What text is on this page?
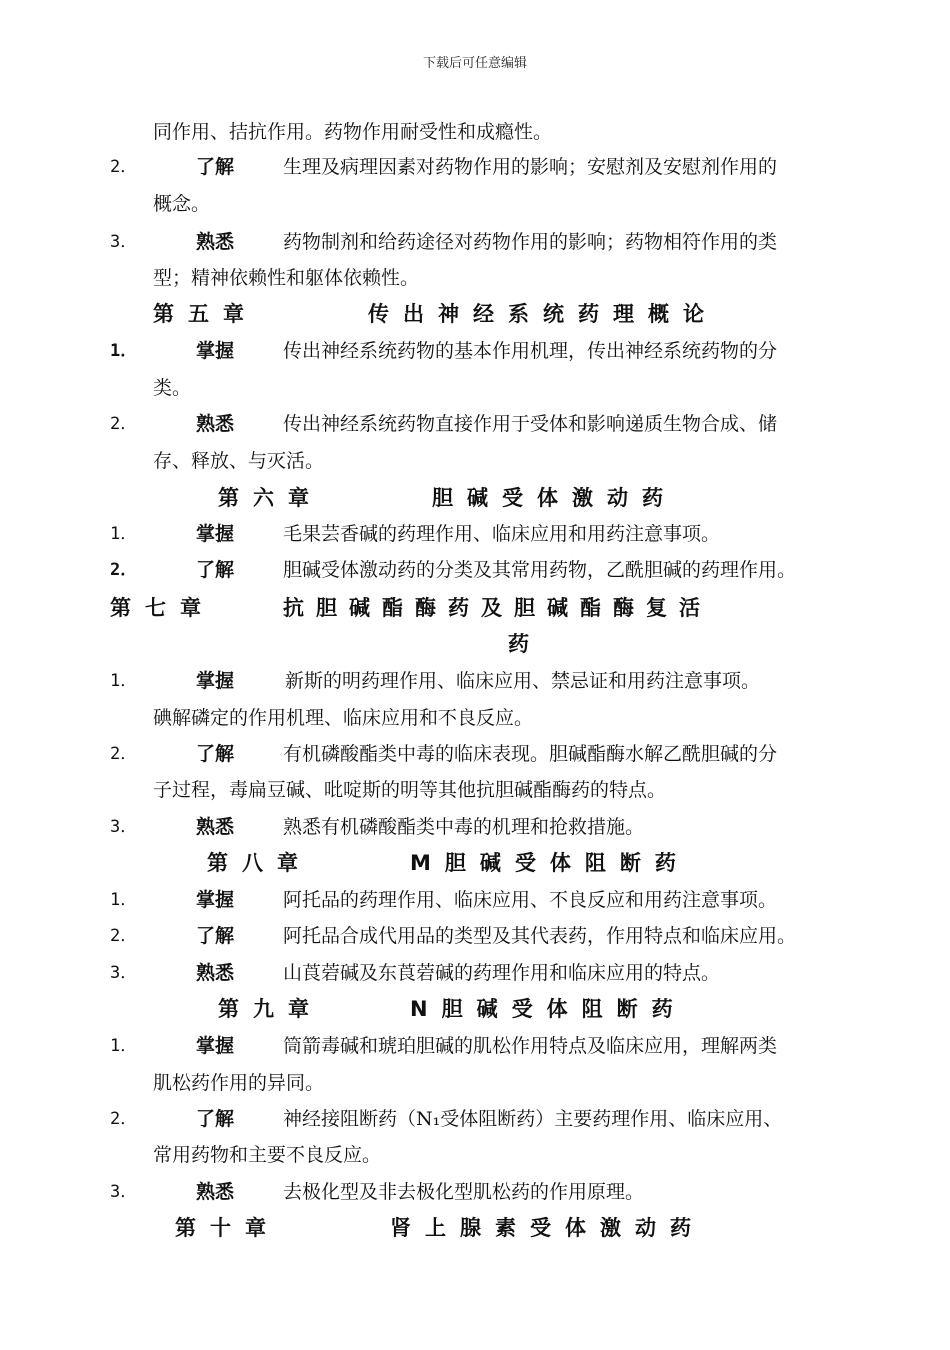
下载后可任意编辑
同作用、拮抗作用。药物作用耐受性和成瘾性。
2．	了解	生理及病理因素对药物作用的影响；安慰剂及安慰剂作用的
概念。
3．	熟悉	药物制剂和给药途径对药物作用的影响；药物相符作用的类
型；精神依赖性和躯体依赖性。
第五章	传出神经系统药理概论
1．	掌握	传出神经系统药物的基本作用机理，传出神经系统药物的分
类。
2．	熟悉	传出神经系统药物直接作用于受体和影响递质生物合成、储
存、释放、与灭活。
第六章	胆碱受体激动药
1．	掌握	毛果芸香碱的药理作用、临床应用和用药注意事项。
2．	了解	胆碱受体激动药的分类及其常用药物，乙酰胆碱的药理作用。
第七章	抗胆碱酯酶药及胆碱酯酶复活
药
1．	掌握	新斯的明药理作用、临床应用、禁忌证和用药注意事项。
碘解磷定的作用机理、临床应用和不良反应。
2．	了解	有机磷酸酯类中毒的临床表现。胆碱酯酶水解乙酰胆碱的分
子过程，毒扁豆碱、吡啶斯的明等其他抗胆碱酯酶药的特点。
3．	熟悉	熟悉有机磷酸酯类中毒的机理和抢救措施。
第八章	M胆碱受体阻断药
1．	掌握	阿托品的药理作用、临床应用、不良反应和用药注意事项。
2．	了解	阿托品合成代用品的类型及其代表药，作用特点和临床应用。
3．	熟悉	山莨菪碱及东莨菪碱的药理作用和临床应用的特点。
第九章	N胆碱受体阻断药
1．	掌握	筒箭毒碱和琥珀胆碱的肌松作用特点及临床应用，理解两类
肌松药作用的异同。
2．	了解	神经接阻断药（N₁受体阻断药）主要药理作用、临床应用、
常用药物和主要不良反应。
3．	熟悉	去极化型及非去极化型肌松药的作用原理。
第十章	肾上腺素受体激动药
